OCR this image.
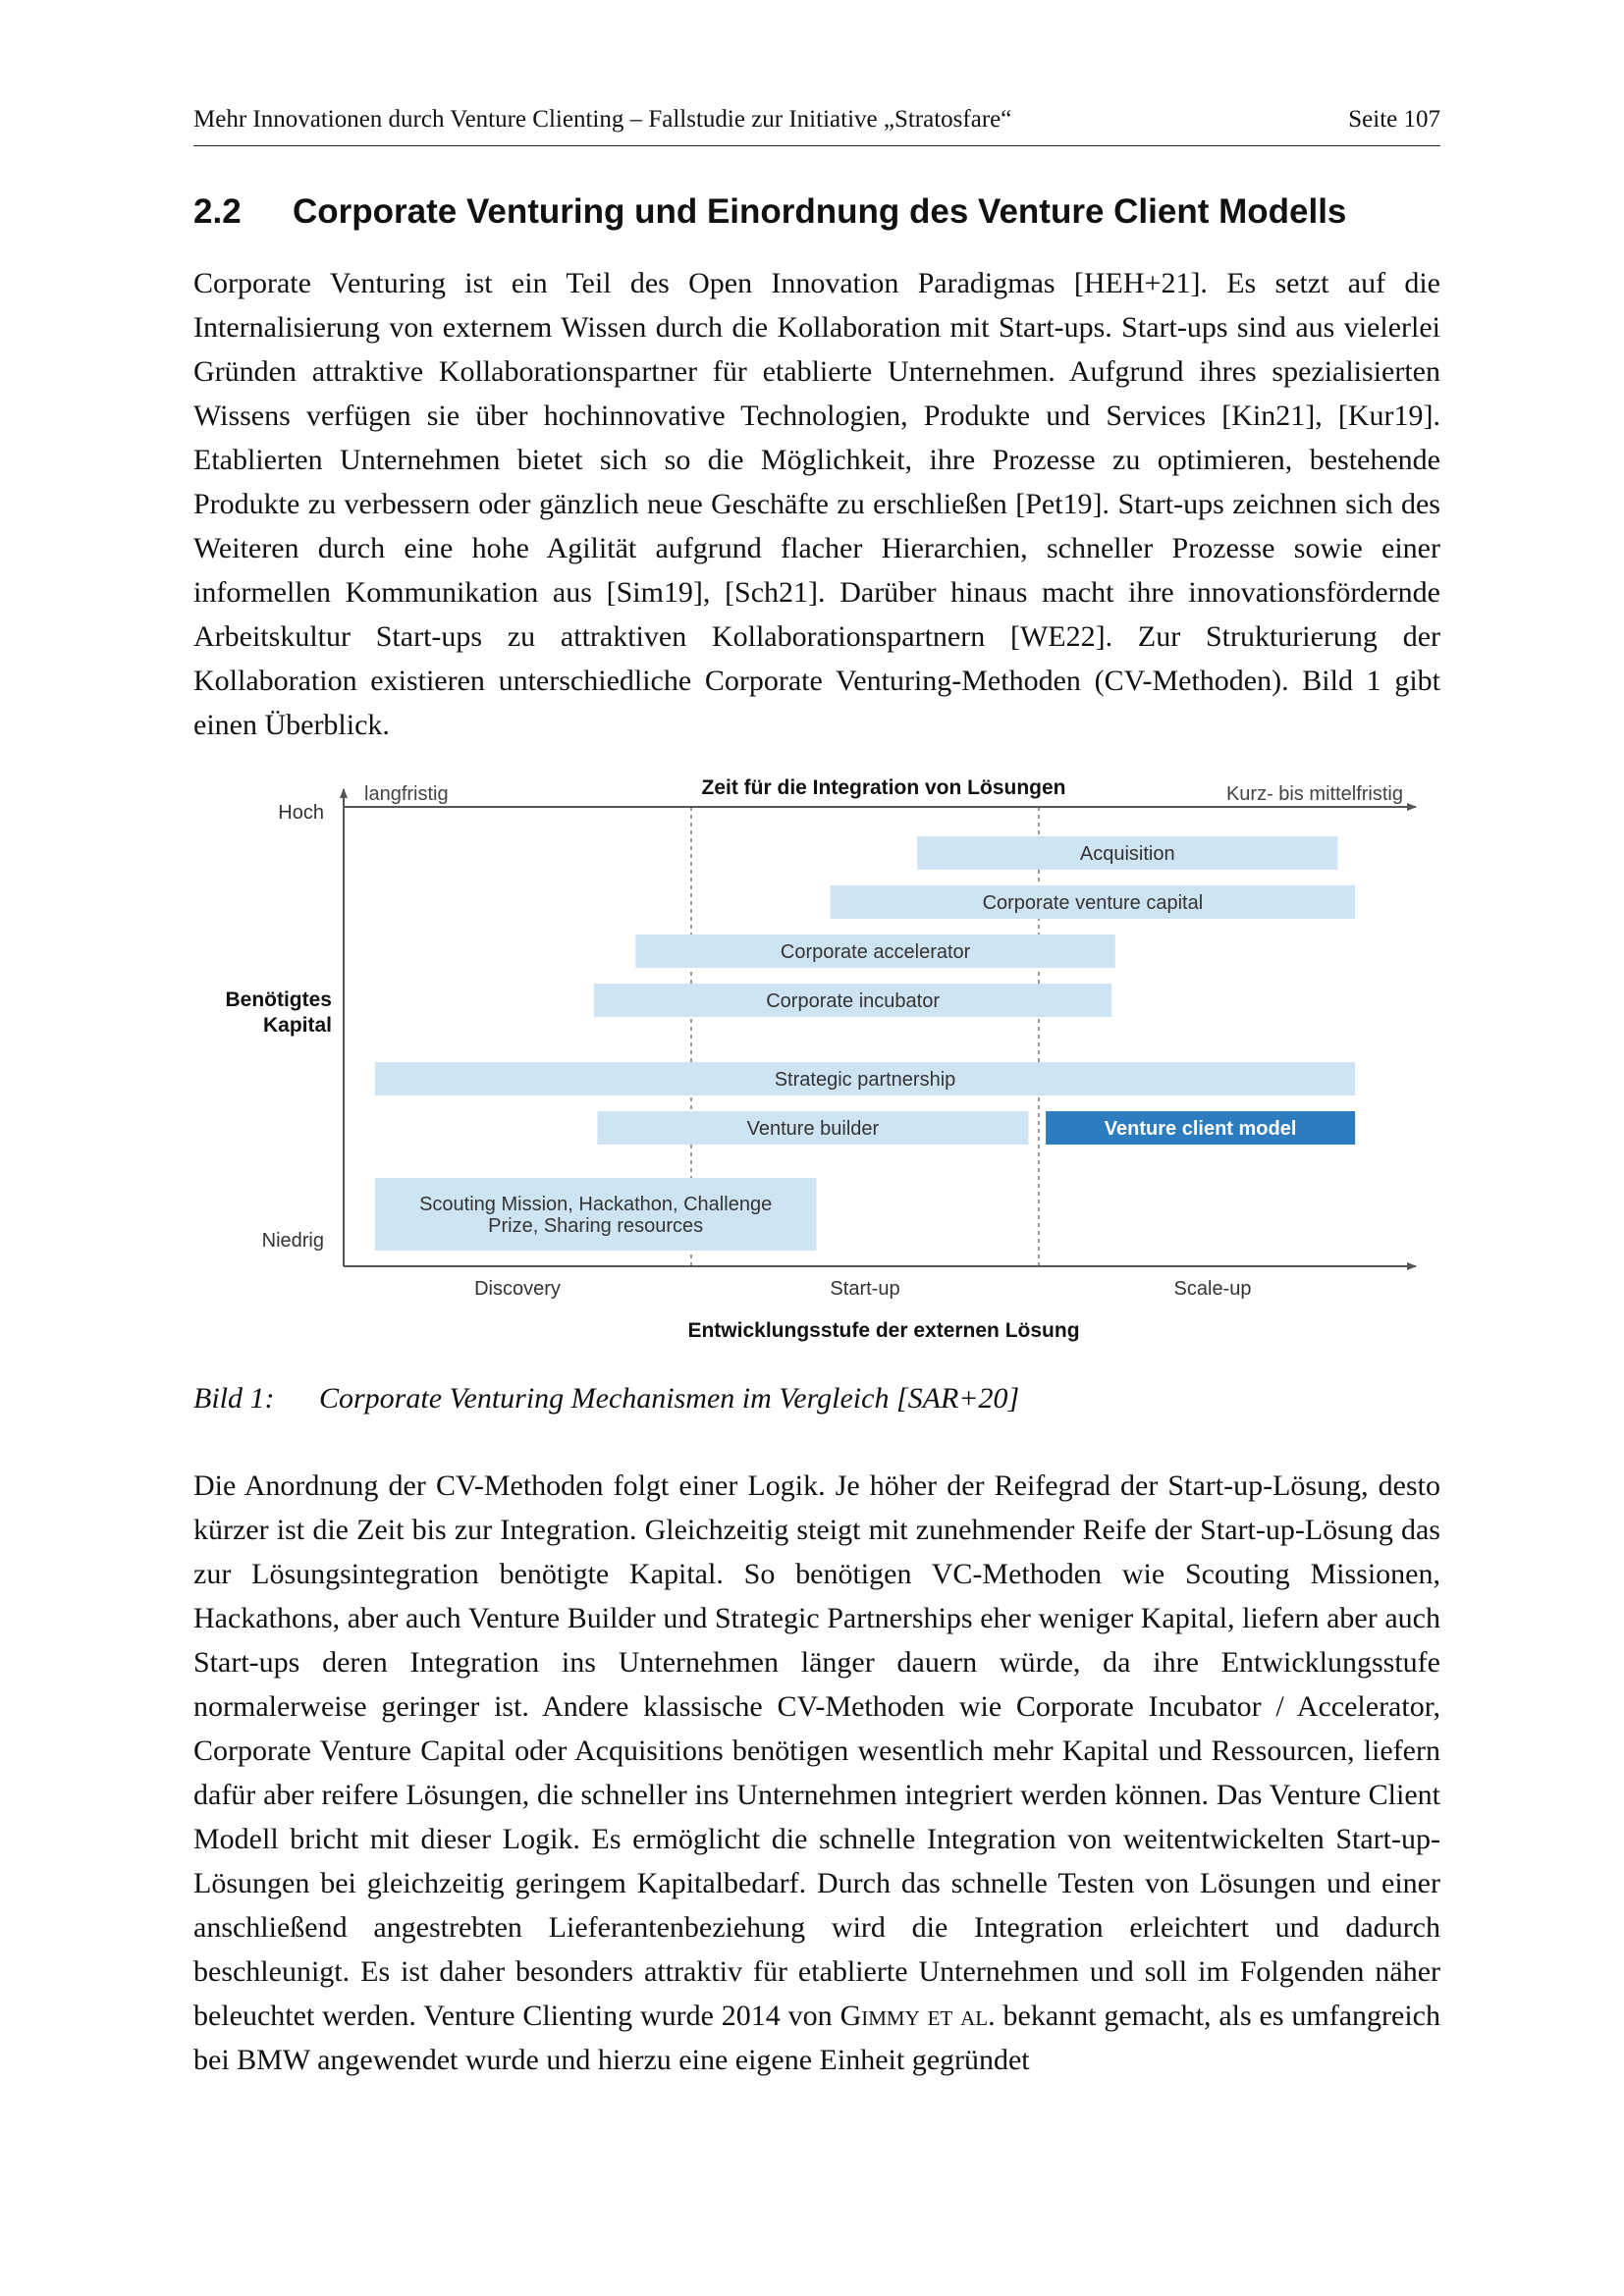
Mehr Innovationen durch Venture Clienting – Fallstudie zur Initiative „Stratosfare“	Seite 107
2.2	Corporate Venturing und Einordnung des Venture Client Modells

Corporate Venturing ist ein Teil des Open Innovation Paradigmas [HEH+21]. Es setzt auf die Internalisierung von externem Wissen durch die Kollaboration mit Start-ups. Start-ups sind aus vielerlei Gründen attraktive Kollaborationspartner für etablierte Unternehmen. Aufgrund ihres spezialisierten Wissens verfügen sie über hochinnovative Technologien, Produkte und Services [Kin21], [Kur19]. Etablierten Unternehmen bietet sich so die Möglichkeit, ihre Prozesse zu optimieren, bestehende Produkte zu verbessern oder gänzlich neue Geschäfte zu erschließen [Pet19]. Start-ups zeichnen sich des Weiteren durch eine hohe Agilität aufgrund flacher Hierarchien, schneller Prozesse sowie einer informellen Kommunikation aus [Sim19], [Sch21]. Darüber hinaus macht ihre innovationsfördernde Arbeitskultur Start-ups zu attraktiven Kollaborationspartnern [WE22]. Zur Strukturierung der Kollaboration existieren unterschiedliche Corporate Venturing-Methoden (CV-Methoden). Bild 1 gibt einen Überblick.

Acquisition
Corporate venture capital
Corporate accelerator
Corporate incubator
Strategic partnership
Venture builder	Venture client model
Scouting Mission, Hackathon, Challenge
Prize, Sharing resources
Zeit für die Integration von Lösungen
langfristig	Kurz- bis mittelfristig
Hoch
Niedrig
Benötigtes
Kapital
Discovery	Start-up	Scale-up
Entwicklungsstufe der externen Lösung
Bild 1:	Corporate Venturing Mechanismen im Vergleich [SAR+20]

Die Anordnung der CV-Methoden folgt einer Logik. Je höher der Reifegrad der Start-up-Lösung, desto kürzer ist die Zeit bis zur Integration. Gleichzeitig steigt mit zunehmender Reife der Start-up-Lösung das zur Lösungsintegration benötigte Kapital. So benötigen VC-Methoden wie Scouting Missionen, Hackathons, aber auch Venture Builder und Strategic Partnerships eher weniger Kapital, liefern aber auch Start-ups deren Integration ins Unternehmen länger dauern würde, da ihre Entwicklungsstufe normalerweise geringer ist. Andere klassische CV-Methoden wie Corporate Incubator / Accelerator, Corporate Venture Capital oder Acquisitions benötigen wesentlich mehr Kapital und Ressourcen, liefern dafür aber reifere Lösungen, die schneller ins Unternehmen integriert werden können. Das Venture Client Modell bricht mit dieser Logik. Es ermöglicht die schnelle Integration von weitentwickelten Start-up-Lösungen bei gleichzeitig geringem Kapitalbedarf. Durch das schnelle Testen von Lösungen und einer anschließend angestrebten Lieferantenbeziehung wird die Integration erleichtert und dadurch beschleunigt. Es ist daher besonders attraktiv für etablierte Unternehmen und soll im Folgenden näher beleuchtet werden. Venture Clienting wurde 2014 von Gimmy et al. bekannt gemacht, als es umfangreich bei BMW angewendet wurde und hierzu eine eigene Einheit gegründet
